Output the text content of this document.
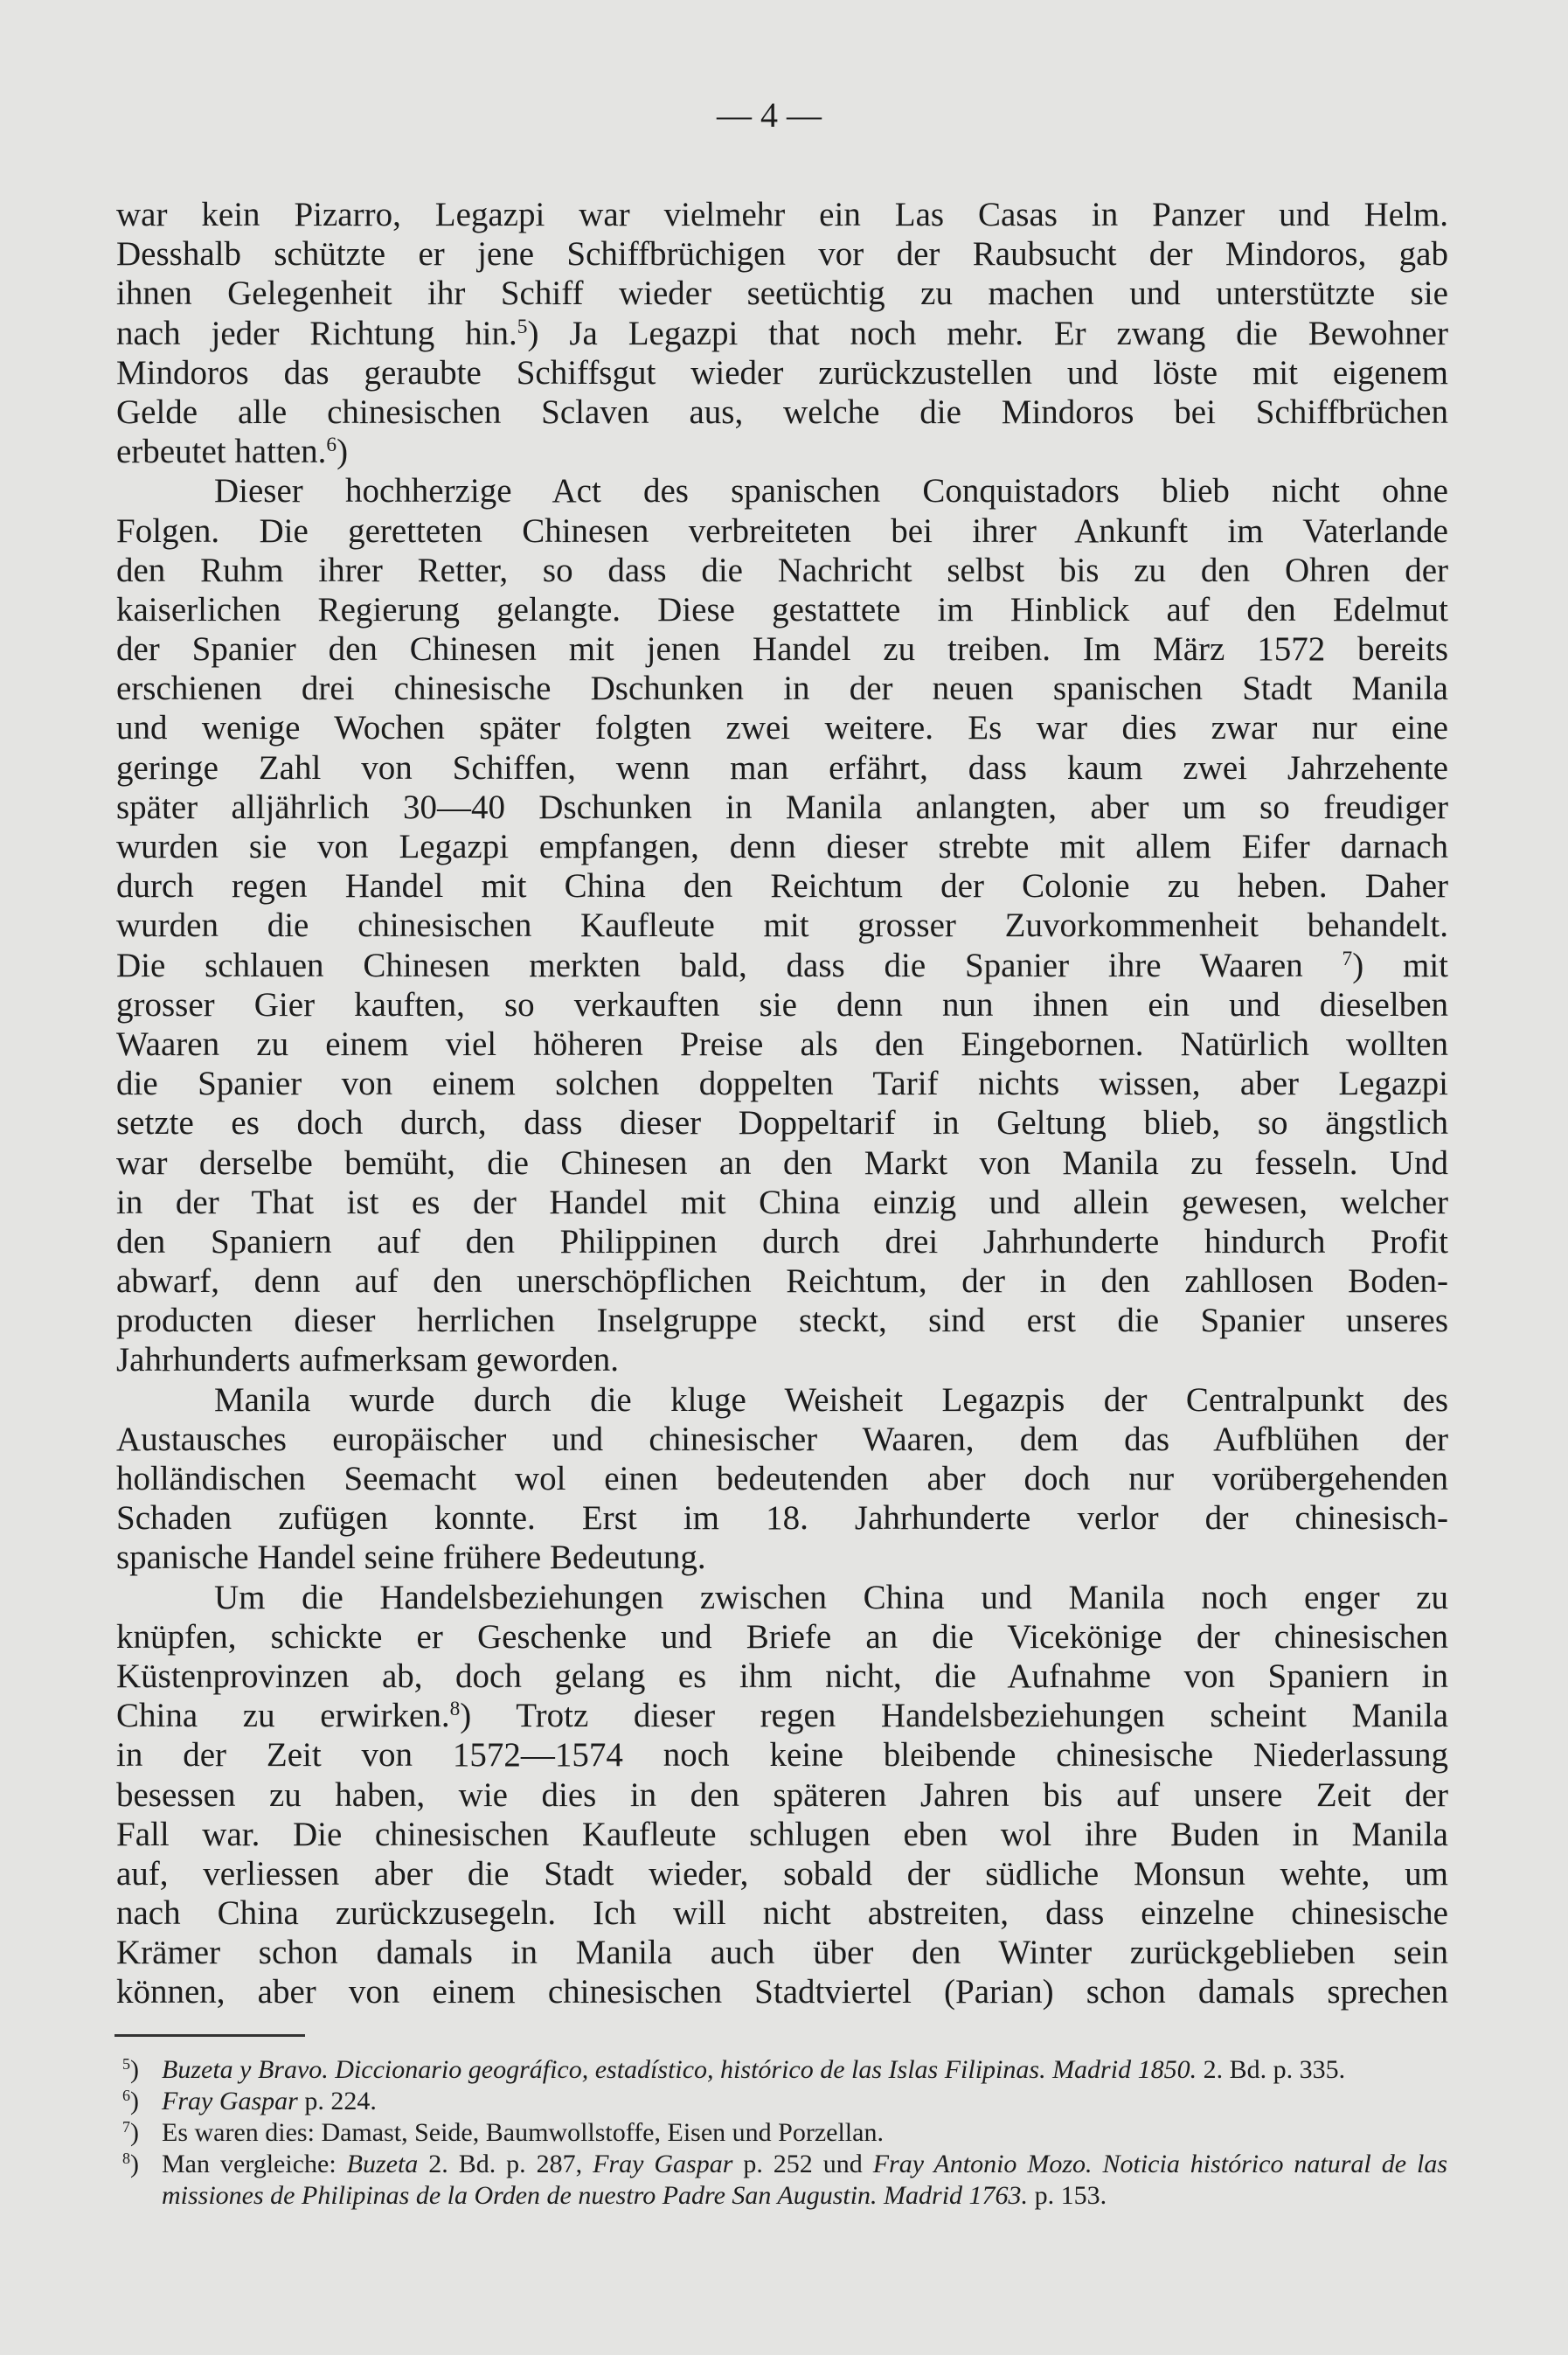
— 4 —
war kein Pizarro, Legazpi war vielmehr ein Las Casas in Panzer und Helm.
Desshalb schützte er jene Schiffbrüchigen vor der Raubsucht der Mindoros, gab
ihnen Gelegenheit ihr Schiff wieder seetüchtig zu machen und unterstützte sie
nach jeder Richtung hin.$^5$) Ja Legazpi that noch mehr. Er zwang die Bewohner
Mindoros das geraubte Schiffsgut wieder zurückzustellen und löste mit eigenem
Gelde alle chinesischen Sclaven aus, welche die Mindoros bei Schiffbrüchen
erbeutet hatten.$^6$)
Dieser hochherzige Act des spanischen Conquistadors blieb nicht ohne
Folgen. Die geretteten Chinesen verbreiteten bei ihrer Ankunft im Vaterlande
den Ruhm ihrer Retter, so dass die Nachricht selbst bis zu den Ohren der
kaiserlichen Regierung gelangte. Diese gestattete im Hinblick auf den Edelmut
der Spanier den Chinesen mit jenen Handel zu treiben. Im März 1572 bereits
erschienen drei chinesische Dschunken in der neuen spanischen Stadt Manila
und wenige Wochen später folgten zwei weitere. Es war dies zwar nur eine
geringe Zahl von Schiffen, wenn man erfährt, dass kaum zwei Jahrzehente
später alljährlich 30—40 Dschunken in Manila anlangten, aber um so freudiger
wurden sie von Legazpi empfangen, denn dieser strebte mit allem Eifer darnach
durch regen Handel mit China den Reichtum der Colonie zu heben. Daher
wurden die chinesischen Kaufleute mit grosser Zuvorkommenheit behandelt.
Die schlauen Chinesen merkten bald, dass die Spanier ihre Waaren $^7$) mit
grosser Gier kauften, so verkauften sie denn nun ihnen ein und dieselben
Waaren zu einem viel höheren Preise als den Eingebornen. Natürlich wollten
die Spanier von einem solchen doppelten Tarif nichts wissen, aber Legazpi
setzte es doch durch, dass dieser Doppeltarif in Geltung blieb, so ängstlich
war derselbe bemüht, die Chinesen an den Markt von Manila zu fesseln. Und
in der That ist es der Handel mit China einzig und allein gewesen, welcher
den Spaniern auf den Philippinen durch drei Jahrhunderte hindurch Profit
abwarf, denn auf den unerschöpflichen Reichtum, der in den zahllosen Boden-
producten dieser herrlichen Inselgruppe steckt, sind erst die Spanier unseres
Jahrhunderts aufmerksam geworden.
Manila wurde durch die kluge Weisheit Legazpis der Centralpunkt des
Austausches europäischer und chinesischer Waaren, dem das Aufblühen der
holländischen Seemacht wol einen bedeutenden aber doch nur vorübergehenden
Schaden zufügen konnte. Erst im 18. Jahrhunderte verlor der chinesisch-
spanische Handel seine frühere Bedeutung.
Um die Handelsbeziehungen zwischen China und Manila noch enger zu
knüpfen, schickte er Geschenke und Briefe an die Vicekönige der chinesischen
Küstenprovinzen ab, doch gelang es ihm nicht, die Aufnahme von Spaniern in
China zu erwirken.$^8$) Trotz dieser regen Handelsbeziehungen scheint Manila
in der Zeit von 1572—1574 noch keine bleibende chinesische Niederlassung
besessen zu haben, wie dies in den späteren Jahren bis auf unsere Zeit der
Fall war. Die chinesischen Kaufleute schlugen eben wol ihre Buden in Manila
auf, verliessen aber die Stadt wieder, sobald der südliche Monsun wehte, um
nach China zurückzusegeln. Ich will nicht abstreiten, dass einzelne chinesische
Krämer schon damals in Manila auch über den Winter zurückgeblieben sein
können, aber von einem chinesischen Stadtviertel (Parian) schon damals sprechen
$^5$) Buzeta y Bravo. Diccionario geográfico, estadístico, histórico de las Islas Filipinas. Madrid 1850. 2. Bd. p. 335.
$^6$) Fray Gaspar p. 224.
$^7$) Es waren dies: Damast, Seide, Baumwollstoffe, Eisen und Porzellan.
$^8$) Man vergleiche: Buzeta 2. Bd. p. 287, Fray Gaspar p. 252 und Fray Antonio Mozo. Noticia histórico natural de las missiones de Philipinas de la Orden de nuestro Padre San Augustin. Madrid 1763. p. 153.
